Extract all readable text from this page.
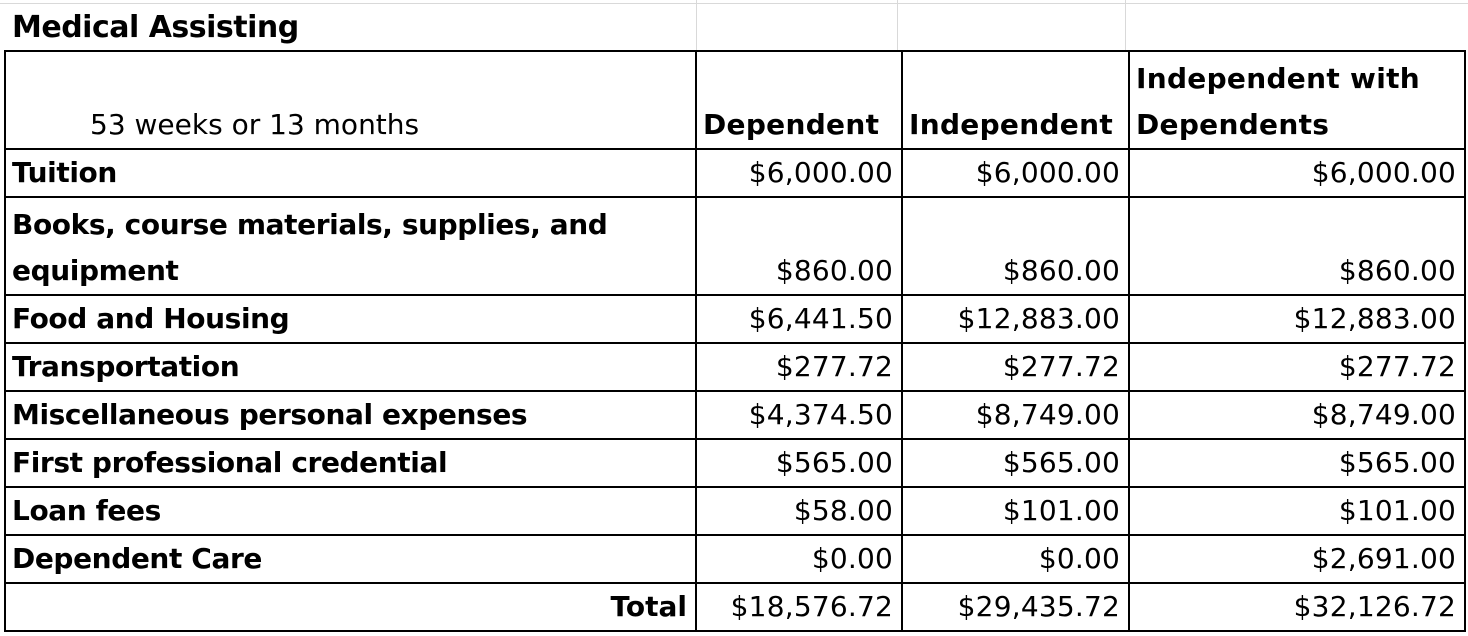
Medical Assisting
53 weeks or 13 months	Dependent	Independent	Independent with Dependents
Tuition	$6,000.00	$6,000.00	$6,000.00
Books, course materials, supplies, and equipment	$860.00	$860.00	$860.00
Food and Housing	$6,441.50	$12,883.00	$12,883.00
Transportation	$277.72	$277.72	$277.72
Miscellaneous personal expenses	$4,374.50	$8,749.00	$8,749.00
First professional credential	$565.00	$565.00	$565.00
Loan fees	$58.00	$101.00	$101.00
Dependent Care	$0.00	$0.00	$2,691.00
Total	$18,576.72	$29,435.72	$32,126.72
